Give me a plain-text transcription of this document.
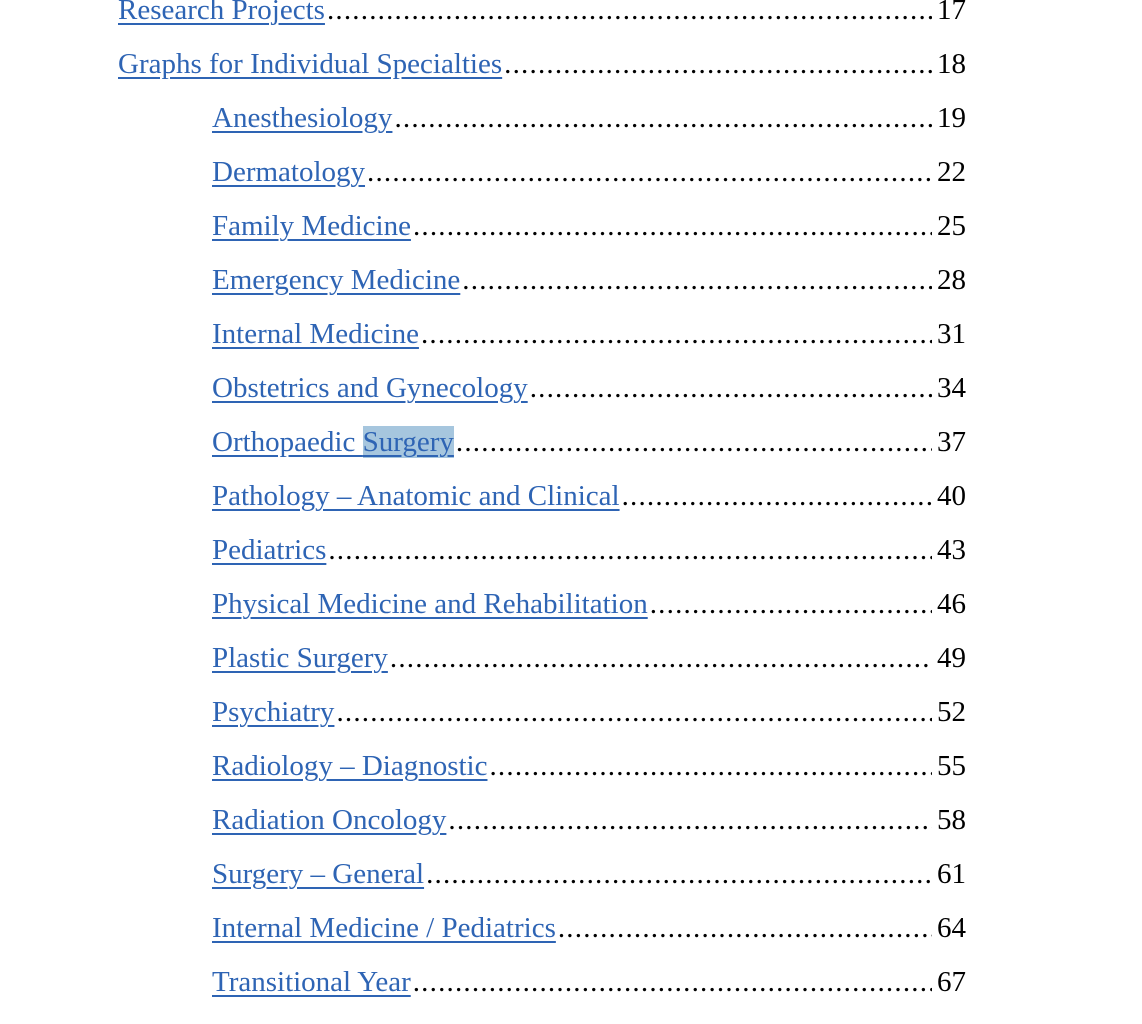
Research Projects .....	17
Graphs for Individual Specialties .....	18
Anesthesiology .....	19
Dermatology .....	22
Family Medicine .....	25
Emergency Medicine .....	28
Internal Medicine .....	31
Obstetrics and Gynecology .....	34
Orthopaedic Surgery .....	37
Pathology – Anatomic and Clinical .....	40
Pediatrics .....	43
Physical Medicine and Rehabilitation .....	46
Plastic Surgery .....	49
Psychiatry .....	52
Radiology – Diagnostic .....	55
Radiation Oncology .....	58
Surgery – General .....	61
Internal Medicine / Pediatrics .....	64
Transitional Year .....	67
